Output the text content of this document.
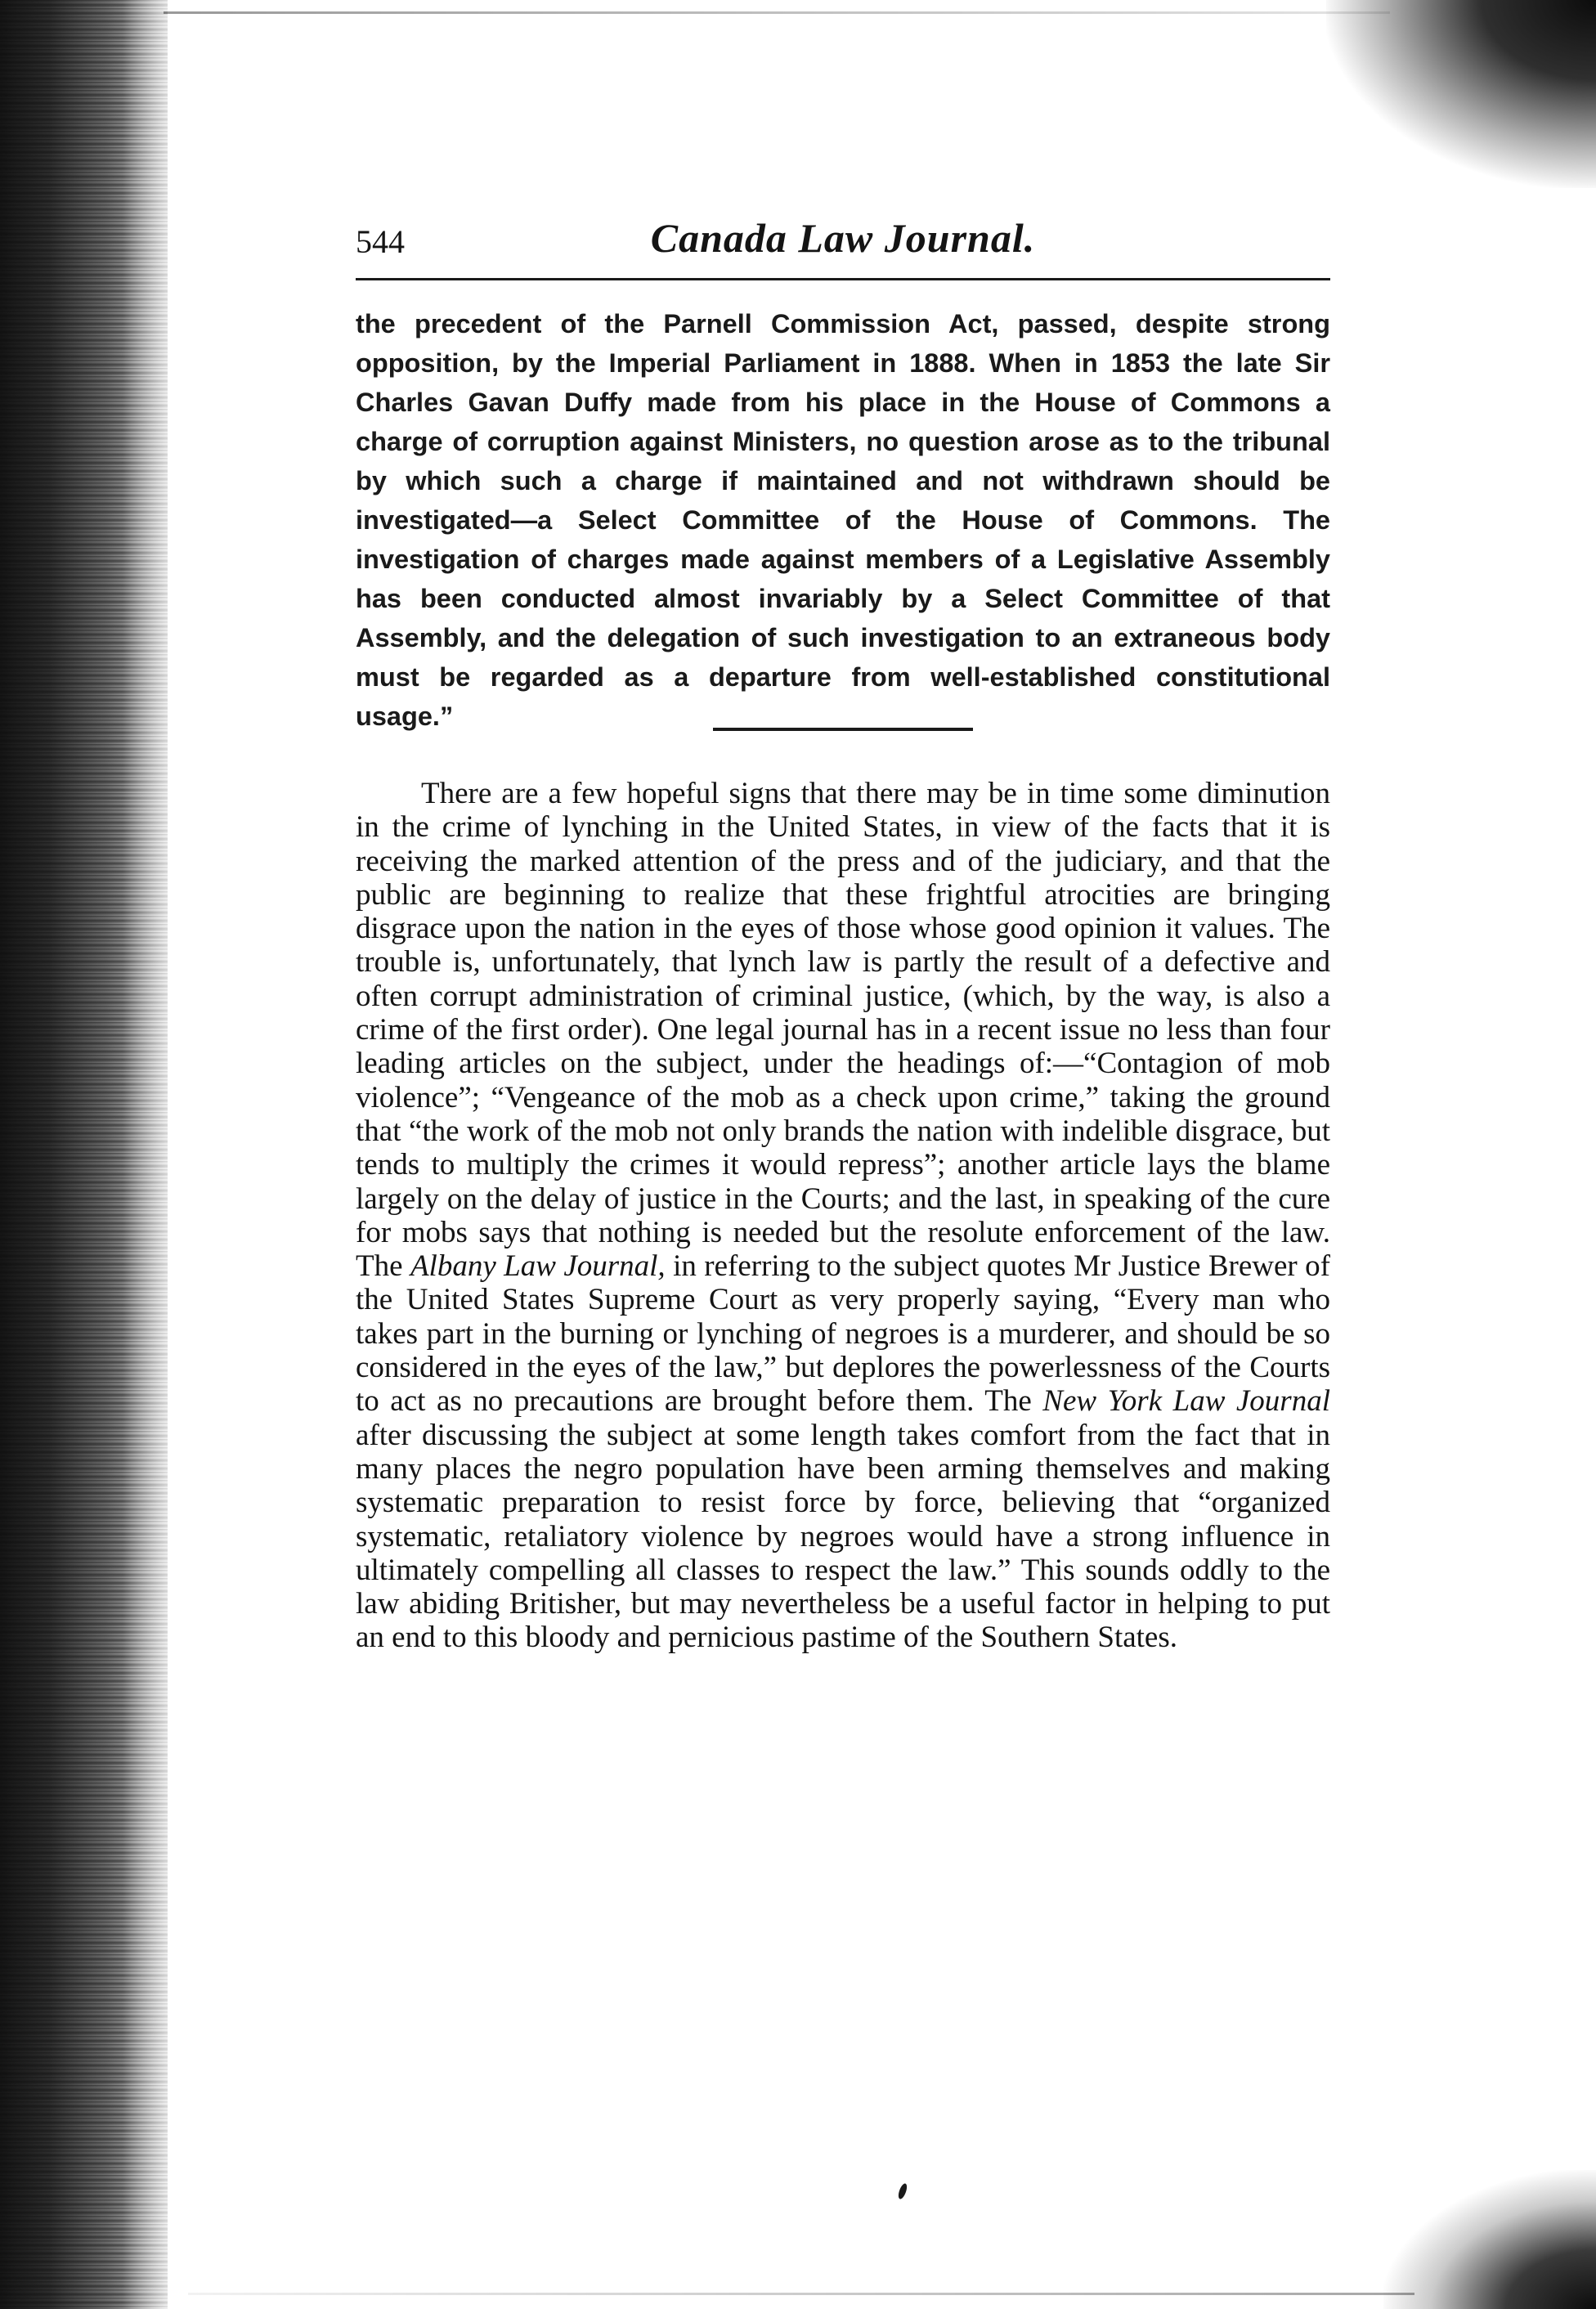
544	Canada Law Journal.
the precedent of the Parnell Commission Act, passed, despite strong opposition, by the Imperial Parliament in 1888. When in 1853 the late Sir Charles Gavan Duffy made from his place in the House of Commons a charge of corruption against Ministers, no question arose as to the tribunal by which such a charge if maintained and not withdrawn should be investigated—a Select Committee of the House of Commons. The investigation of charges made against members of a Legislative Assembly has been conducted almost invariably by a Select Committee of that Assembly, and the delegation of such investigation to an extraneous body must be regarded as a departure from well-established constitutional usage.”

There are a few hopeful signs that there may be in time some diminution in the crime of lynching in the United States, in view of the facts that it is receiving the marked attention of the press and of the judiciary, and that the public are beginning to realize that these frightful atrocities are bringing disgrace upon the nation in the eyes of those whose good opinion it values. The trouble is, unfortunately, that lynch law is partly the result of a defective and often corrupt administration of criminal justice, (which, by the way, is also a crime of the first order). One legal journal has in a recent issue no less than four leading articles on the subject, under the headings of:—“Contagion of mob violence”; “Vengeance of the mob as a check upon crime,” taking the ground that “the work of the mob not only brands the nation with indelible disgrace, but tends to multiply the crimes it would repress”; another article lays the blame largely on the delay of justice in the Courts; and the last, in speaking of the cure for mobs says that nothing is needed but the resolute enforcement of the law. The Albany Law Journal, in referring to the subject quotes Mr Justice Brewer of the United States Supreme Court as very properly saying, “Every man who takes part in the burning or lynching of negroes is a murderer, and should be so considered in the eyes of the law,” but deplores the powerlessness of the Courts to act as no precautions are brought before them. The New York Law Journal after discussing the subject at some length takes comfort from the fact that in many places the negro population have been arming themselves and making systematic preparation to resist force by force, believing that “organized systematic, retaliatory violence by negroes would have a strong influence in ultimately compelling all classes to respect the law.” This sounds oddly to the law abiding Britisher, but may nevertheless be a useful factor in helping to put an end to this bloody and pernicious pastime of the Southern States.
